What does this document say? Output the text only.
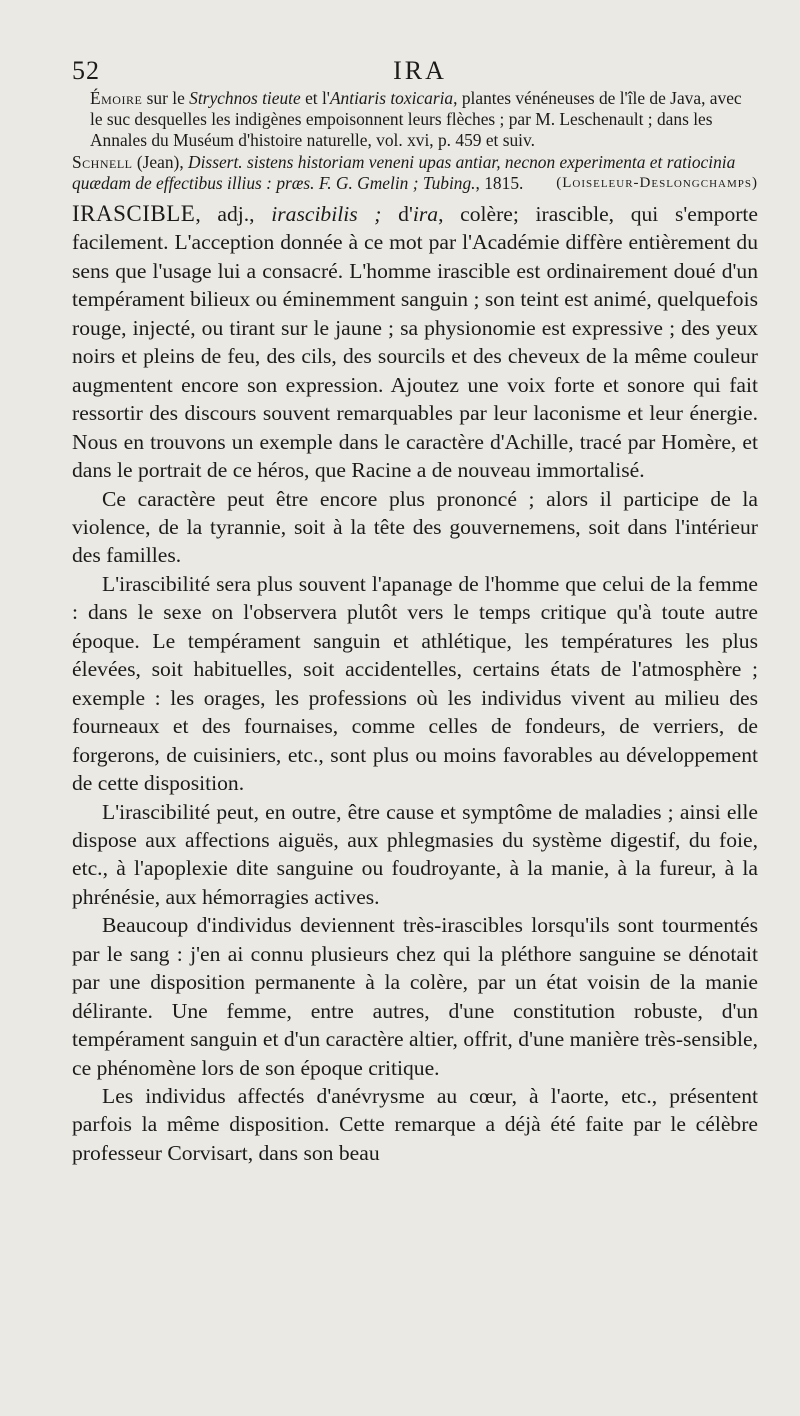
52	IRA
Émoire sur le Strychnos tieute et l'Antiaris toxicaria, plantes vénéneuses de l'île de Java, avec le suc desquelles les indigènes empoisonnent leurs flèches ; par M. Leschenault ; dans les Annales du Muséum d'histoire naturelle, vol. xvi, p. 459 et suiv.
Schnell (Jean), Dissert. sistens historiam veneni upas antiar, necnon experimenta et ratiocinia quædam de effectibus illius : præs. F. G. Gmelin ; Tubing., 1815. (Loiseleur-Deslongchamps)

IRASCIBLE, adj., irascibilis ; d'ira, colère; irascible, qui s'emporte facilement. L'acception donnée à ce mot par l'Académie diffère entièrement du sens que l'usage lui a consacré. L'homme irascible est ordinairement doué d'un tempérament bilieux ou éminemment sanguin ; son teint est animé, quelquefois rouge, injecté, ou tirant sur le jaune ; sa physionomie est expressive ; des yeux noirs et pleins de feu, des cils, des sourcils et des cheveux de la même couleur augmentent encore son expression. Ajoutez une voix forte et sonore qui fait ressortir des discours souvent remarquables par leur laconisme et leur énergie. Nous en trouvons un exemple dans le caractère d'Achille, tracé par Homère, et dans le portrait de ce héros, que Racine a de nouveau immortalisé.

Ce caractère peut être encore plus prononcé ; alors il participe de la violence, de la tyrannie, soit à la tête des gouvernemens, soit dans l'intérieur des familles.

L'irascibilité sera plus souvent l'apanage de l'homme que celui de la femme : dans le sexe on l'observera plutôt vers le temps critique qu'à toute autre époque. Le tempérament sanguin et athlétique, les températures les plus élevées, soit habituelles, soit accidentelles, certains états de l'atmosphère ; exemple : les orages, les professions où les individus vivent au milieu des fourneaux et des fournaises, comme celles de fondeurs, de verriers, de forgerons, de cuisiniers, etc., sont plus ou moins favorables au développement de cette disposition.

L'irascibilité peut, en outre, être cause et symptôme de maladies ; ainsi elle dispose aux affections aiguës, aux phlegmasies du système digestif, du foie, etc., à l'apoplexie dite sanguine ou foudroyante, à la manie, à la fureur, à la phrénésie, aux hémorragies actives.

Beaucoup d'individus deviennent très-irascibles lorsqu'ils sont tourmentés par le sang : j'en ai connu plusieurs chez qui la pléthore sanguine se dénotait par une disposition permanente à la colère, par un état voisin de la manie délirante. Une femme, entre autres, d'une constitution robuste, d'un tempérament sanguin et d'un caractère altier, offrit, d'une manière très-sensible, ce phénomène lors de son époque critique.

Les individus affectés d'anévrysme au cœur, à l'aorte, etc., présentent parfois la même disposition. Cette remarque a déjà été faite par le célèbre professeur Corvisart, dans son beau
